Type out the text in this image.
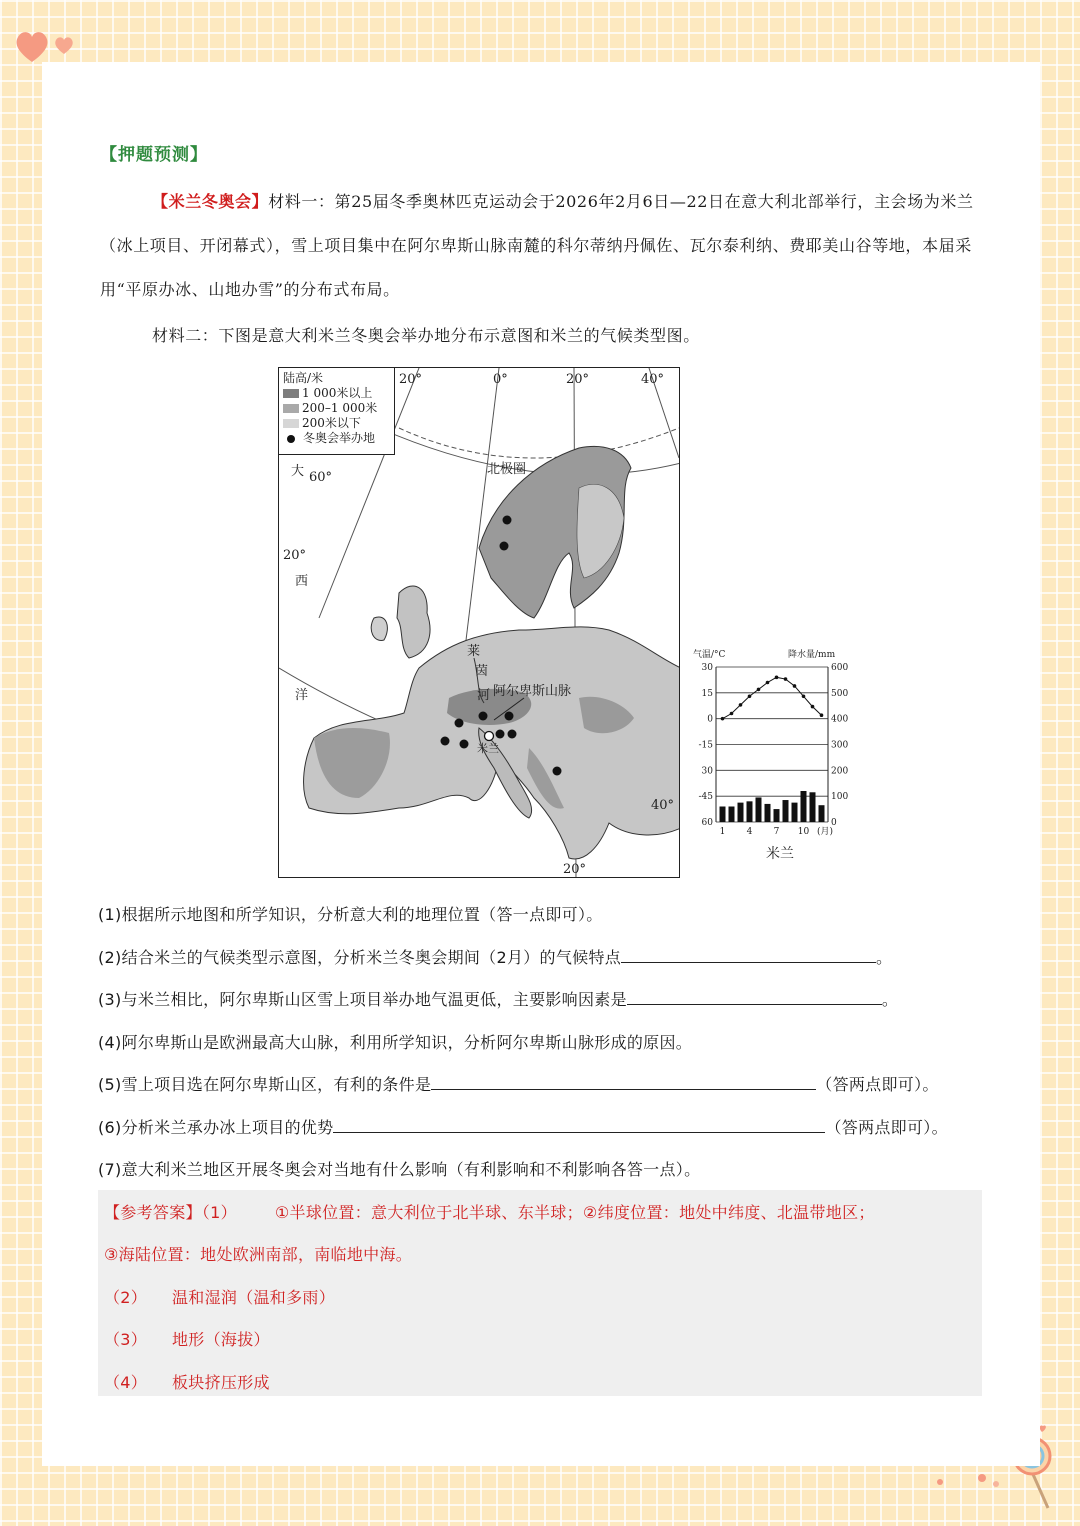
【押题预测】
【米兰冬奥会】材料一：第25届冬季奥林匹克运动会于2026年2月6日—22日在意大利北部举行，主会场为米兰（冰上项目、开闭幕式），雪上项目集中在阿尔卑斯山脉南麓的科尔蒂纳丹佩佐、瓦尔泰利纳、费耶美山谷等地，本届采用“平原办冰、山地办雪”的分布式布局。
材料二：下图是意大利米兰冬奥会举办地分布示意图和米兰的气候类型图。
陆高/米
1 000米以上
200–1 000米
200米以下
冬奥会举办地
20°	0°	20°	40°
60°
20°
40°
20°
北极圈
大
西
洋
莱
茵
河 阿尔卑斯山脉
米兰
气温/°C	降水量/mm
30	600
15	500
0	400
-15	300
30	200
-45	100
60	0
1 4 7 10 (月)
米兰
(1)根据所示地图和所学知识，分析意大利的地理位置（答一点即可）。
(2)结合米兰的气候类型示意图，分析米兰冬奥会期间（2月）的气候特点	。
(3)与米兰相比，阿尔卑斯山区雪上项目举办地气温更低，主要影响因素是	。
(4)阿尔卑斯山是欧洲最高大山脉，利用所学知识，分析阿尔卑斯山脉形成的原因。
(5)雪上项目选在阿尔卑斯山区，有利的条件是	（答两点即可）。
(6)分析米兰承办冰上项目的优势	（答两点即可）。
(7)意大利米兰地区开展冬奥会对当地有什么影响（有利影响和不利影响各答一点）。
【参考答案】（1） ①半球位置：意大利位于北半球、东半球；②纬度位置：地处中纬度、北温带地区；
③海陆位置：地处欧洲南部，南临地中海。
（2） 温和湿润（温和多雨）
（3） 地形（海拔）
（4） 板块挤压形成
